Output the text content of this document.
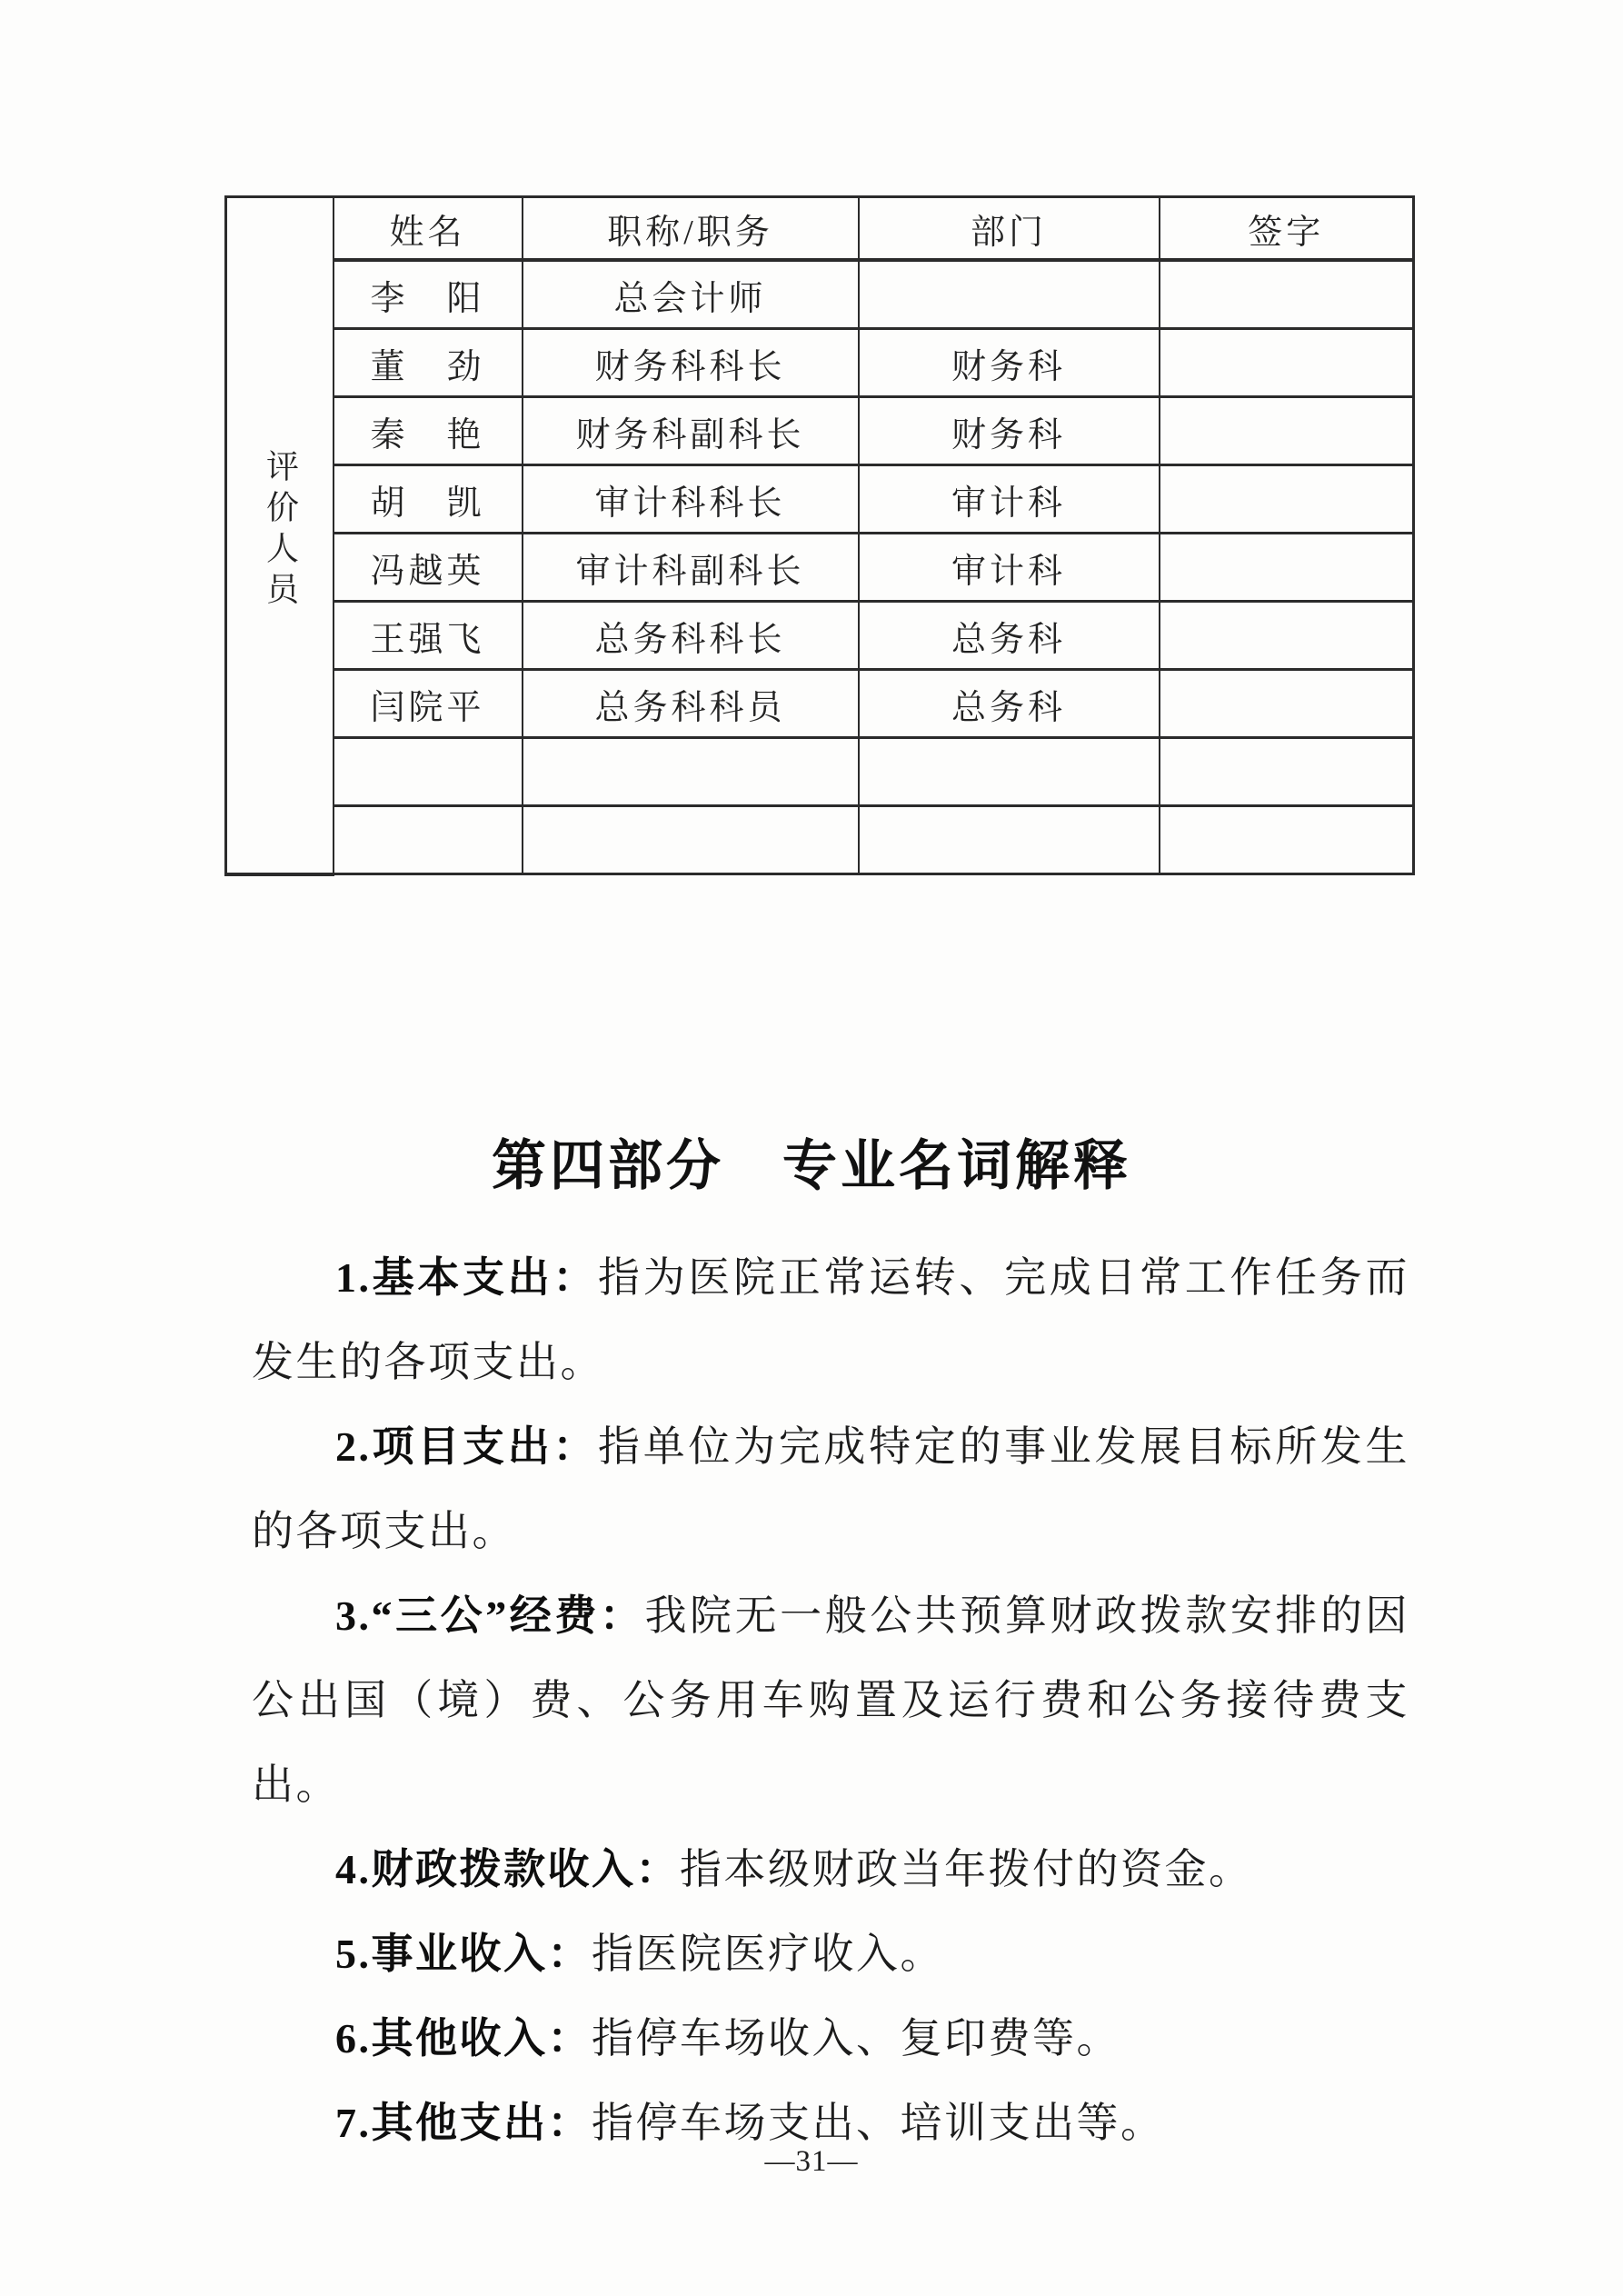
评价人员	姓名	职称/职务	部门	签字
	李　阳	总会计师		
	董　劲	财务科科长	财务科	
	秦　艳	财务科副科长	财务科	
	胡　凯	审计科科长	审计科	
	冯越英	审计科副科长	审计科	
	王强飞	总务科科长	总务科	
	闫院平	总务科科员	总务科	

第四部分　专业名词解释

1.基本支出：指为医院正常运转、完成日常工作任务而发生的各项支出。

2.项目支出：指单位为完成特定的事业发展目标所发生的各项支出。

3.“三公”经费：我院无一般公共预算财政拨款安排的因公出国（境）费、公务用车购置及运行费和公务接待费支出。

4.财政拨款收入：指本级财政当年拨付的资金。

5.事业收入：指医院医疗收入。

6.其他收入：指停车场收入、复印费等。

7.其他支出：指停车场支出、培训支出等。

—31—
